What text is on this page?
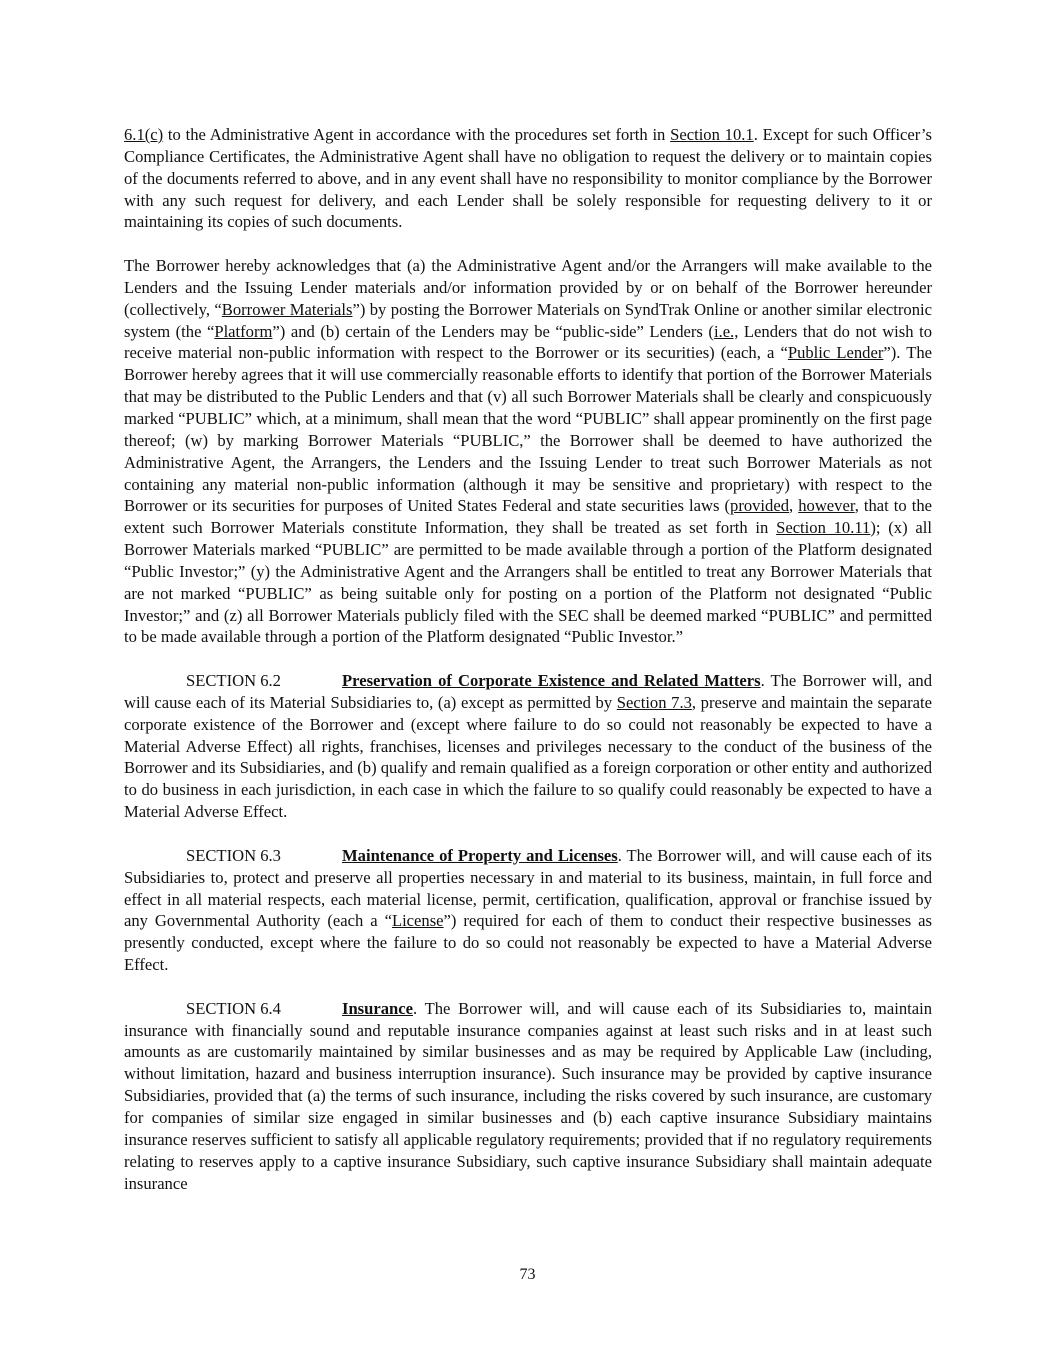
6.1(c) to the Administrative Agent in accordance with the procedures set forth in Section 10.1. Except for such Officer’s Compliance Certificates, the Administrative Agent shall have no obligation to request the delivery or to maintain copies of the documents referred to above, and in any event shall have no responsibility to monitor compliance by the Borrower with any such request for delivery, and each Lender shall be solely responsible for requesting delivery to it or maintaining its copies of such documents.

The Borrower hereby acknowledges that (a) the Administrative Agent and/or the Arrangers will make available to the Lenders and the Issuing Lender materials and/or information provided by or on behalf of the Borrower hereunder (collectively, “Borrower Materials”) by posting the Borrower Materials on SyndTrak Online or another similar electronic system (the “Platform”) and (b) certain of the Lenders may be “public-side” Lenders (i.e., Lenders that do not wish to receive material non-public information with respect to the Borrower or its securities) (each, a “Public Lender”). The Borrower hereby agrees that it will use commercially reasonable efforts to identify that portion of the Borrower Materials that may be distributed to the Public Lenders and that (v) all such Borrower Materials shall be clearly and conspicuously marked “PUBLIC” which, at a minimum, shall mean that the word “PUBLIC” shall appear prominently on the first page thereof; (w) by marking Borrower Materials “PUBLIC,” the Borrower shall be deemed to have authorized the Administrative Agent, the Arrangers, the Lenders and the Issuing Lender to treat such Borrower Materials as not containing any material non-public information (although it may be sensitive and proprietary) with respect to the Borrower or its securities for purposes of United States Federal and state securities laws (provided, however, that to the extent such Borrower Materials constitute Information, they shall be treated as set forth in Section 10.11); (x) all Borrower Materials marked “PUBLIC” are permitted to be made available through a portion of the Platform designated “Public Investor;” (y) the Administrative Agent and the Arrangers shall be entitled to treat any Borrower Materials that are not marked “PUBLIC” as being suitable only for posting on a portion of the Platform not designated “Public Investor;” and (z) all Borrower Materials publicly filed with the SEC shall be deemed marked “PUBLIC” and permitted to be made available through a portion of the Platform designated “Public Investor.”

SECTION 6.2	Preservation of Corporate Existence and Related Matters. The Borrower will, and will cause each of its Material Subsidiaries to, (a) except as permitted by Section 7.3, preserve and maintain the separate corporate existence of the Borrower and (except where failure to do so could not reasonably be expected to have a Material Adverse Effect) all rights, franchises, licenses and privileges necessary to the conduct of the business of the Borrower and its Subsidiaries, and (b) qualify and remain qualified as a foreign corporation or other entity and authorized to do business in each jurisdiction, in each case in which the failure to so qualify could reasonably be expected to have a Material Adverse Effect.

SECTION 6.3	Maintenance of Property and Licenses. The Borrower will, and will cause each of its Subsidiaries to, protect and preserve all properties necessary in and material to its business, maintain, in full force and effect in all material respects, each material license, permit, certification, qualification, approval or franchise issued by any Governmental Authority (each a “License”) required for each of them to conduct their respective businesses as presently conducted, except where the failure to do so could not reasonably be expected to have a Material Adverse Effect.

SECTION 6.4	Insurance. The Borrower will, and will cause each of its Subsidiaries to, maintain insurance with financially sound and reputable insurance companies against at least such risks and in at least such amounts as are customarily maintained by similar businesses and as may be required by Applicable Law (including, without limitation, hazard and business interruption insurance). Such insurance may be provided by captive insurance Subsidiaries, provided that (a) the terms of such insurance, including the risks covered by such insurance, are customary for companies of similar size engaged in similar businesses and (b) each captive insurance Subsidiary maintains insurance reserves sufficient to satisfy all applicable regulatory requirements; provided that if no regulatory requirements relating to reserves apply to a captive insurance Subsidiary, such captive insurance Subsidiary shall maintain adequate insurance

73
